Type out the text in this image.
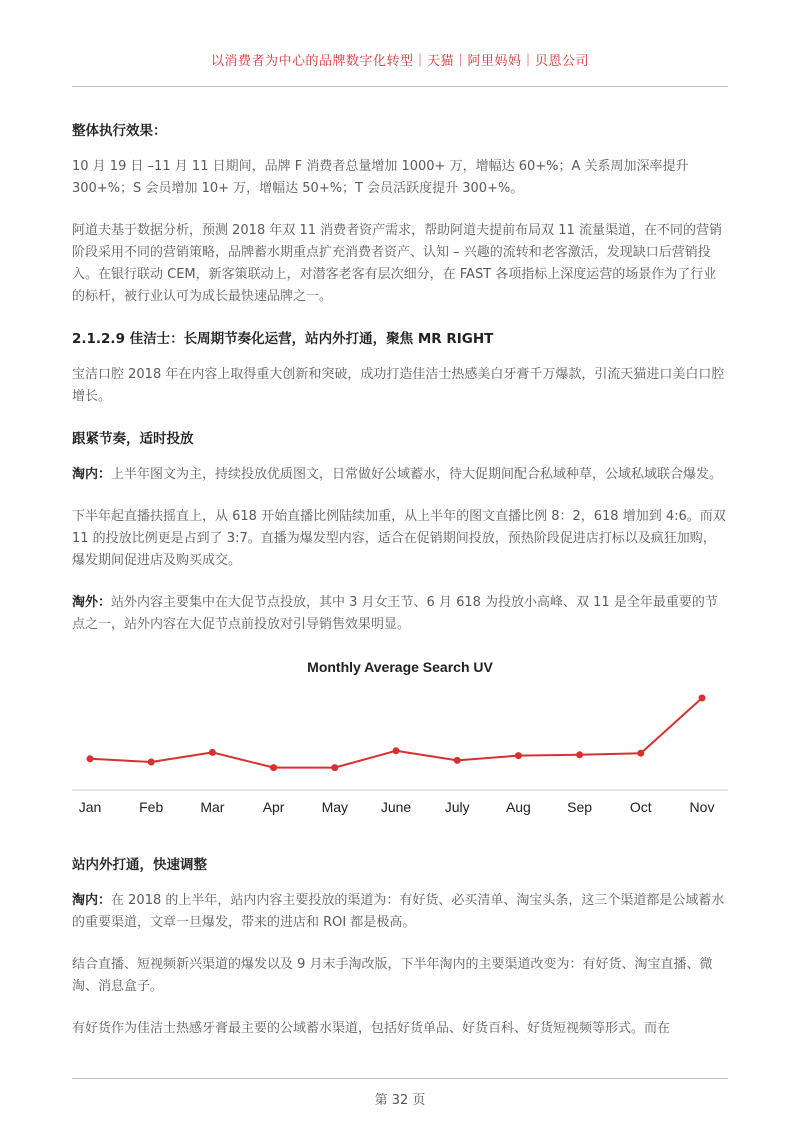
以消费者为中心的品牌数字化转型｜天猫｜阿里妈妈｜贝恩公司

整体执行效果：

10 月 19 日 –11 月 11 日期间，品牌 F 消费者总量增加 1000+ 万，增幅达 60+%；A 关系周加深率提升 300+%；S 会员增加 10+ 万，增幅达 50+%；T 会员活跃度提升 300+%。

阿道夫基于数据分析，预测 2018 年双 11 消费者资产需求，帮助阿道夫提前布局双 11 流量渠道，在不同的营销阶段采用不同的营销策略，品牌蓄水期重点扩充消费者资产、认知 – 兴趣的流转和老客激活，发现缺口后营销投入。在银行联动 CEM，新客策联动上，对潜客老客有层次细分，在 FAST 各项指标上深度运营的场景作为了行业的标杆，被行业认可为成长最快速品牌之一。

2.1.2.9 佳洁士：长周期节奏化运营，站内外打通，聚焦 MR RIGHT

宝洁口腔 2018 年在内容上取得重大创新和突破，成功打造佳洁士热感美白牙膏千万爆款，引流天猫进口美白口腔增长。

跟紧节奏，适时投放

淘内：上半年图文为主，持续投放优质图文，日常做好公域蓄水，待大促期间配合私域种草，公域私域联合爆发。

下半年起直播扶摇直上，从 618 开始直播比例陆续加重，从上半年的图文直播比例 8：2，618 增加到 4:6。而双 11 的投放比例更是占到了 3:7。直播为爆发型内容，适合在促销期间投放，预热阶段促进店打标以及疯狂加购，爆发期间促进店及购买成交。

淘外：站外内容主要集中在大促节点投放，其中 3 月女王节、6 月 618 为投放小高峰、双 11 是全年最重要的节点之一，站外内容在大促节点前投放对引导销售效果明显。

Monthly Average Search UV
Jan	Feb	Mar	Apr	May June July	Aug	Sep	Oct	Nov

站内外打通，快速调整

淘内：在 2018 的上半年，站内内容主要投放的渠道为：有好货、必买清单、淘宝头条，这三个渠道都是公域蓄水的重要渠道，文章一旦爆发，带来的进店和 ROI 都是极高。

结合直播、短视频新兴渠道的爆发以及 9 月末手淘改版，下半年淘内的主要渠道改变为：有好货、淘宝直播、微淘、消息盒子。

有好货作为佳洁士热感牙膏最主要的公域蓄水渠道，包括好货单品、好货百科、好货短视频等形式。而在

第 32 页
